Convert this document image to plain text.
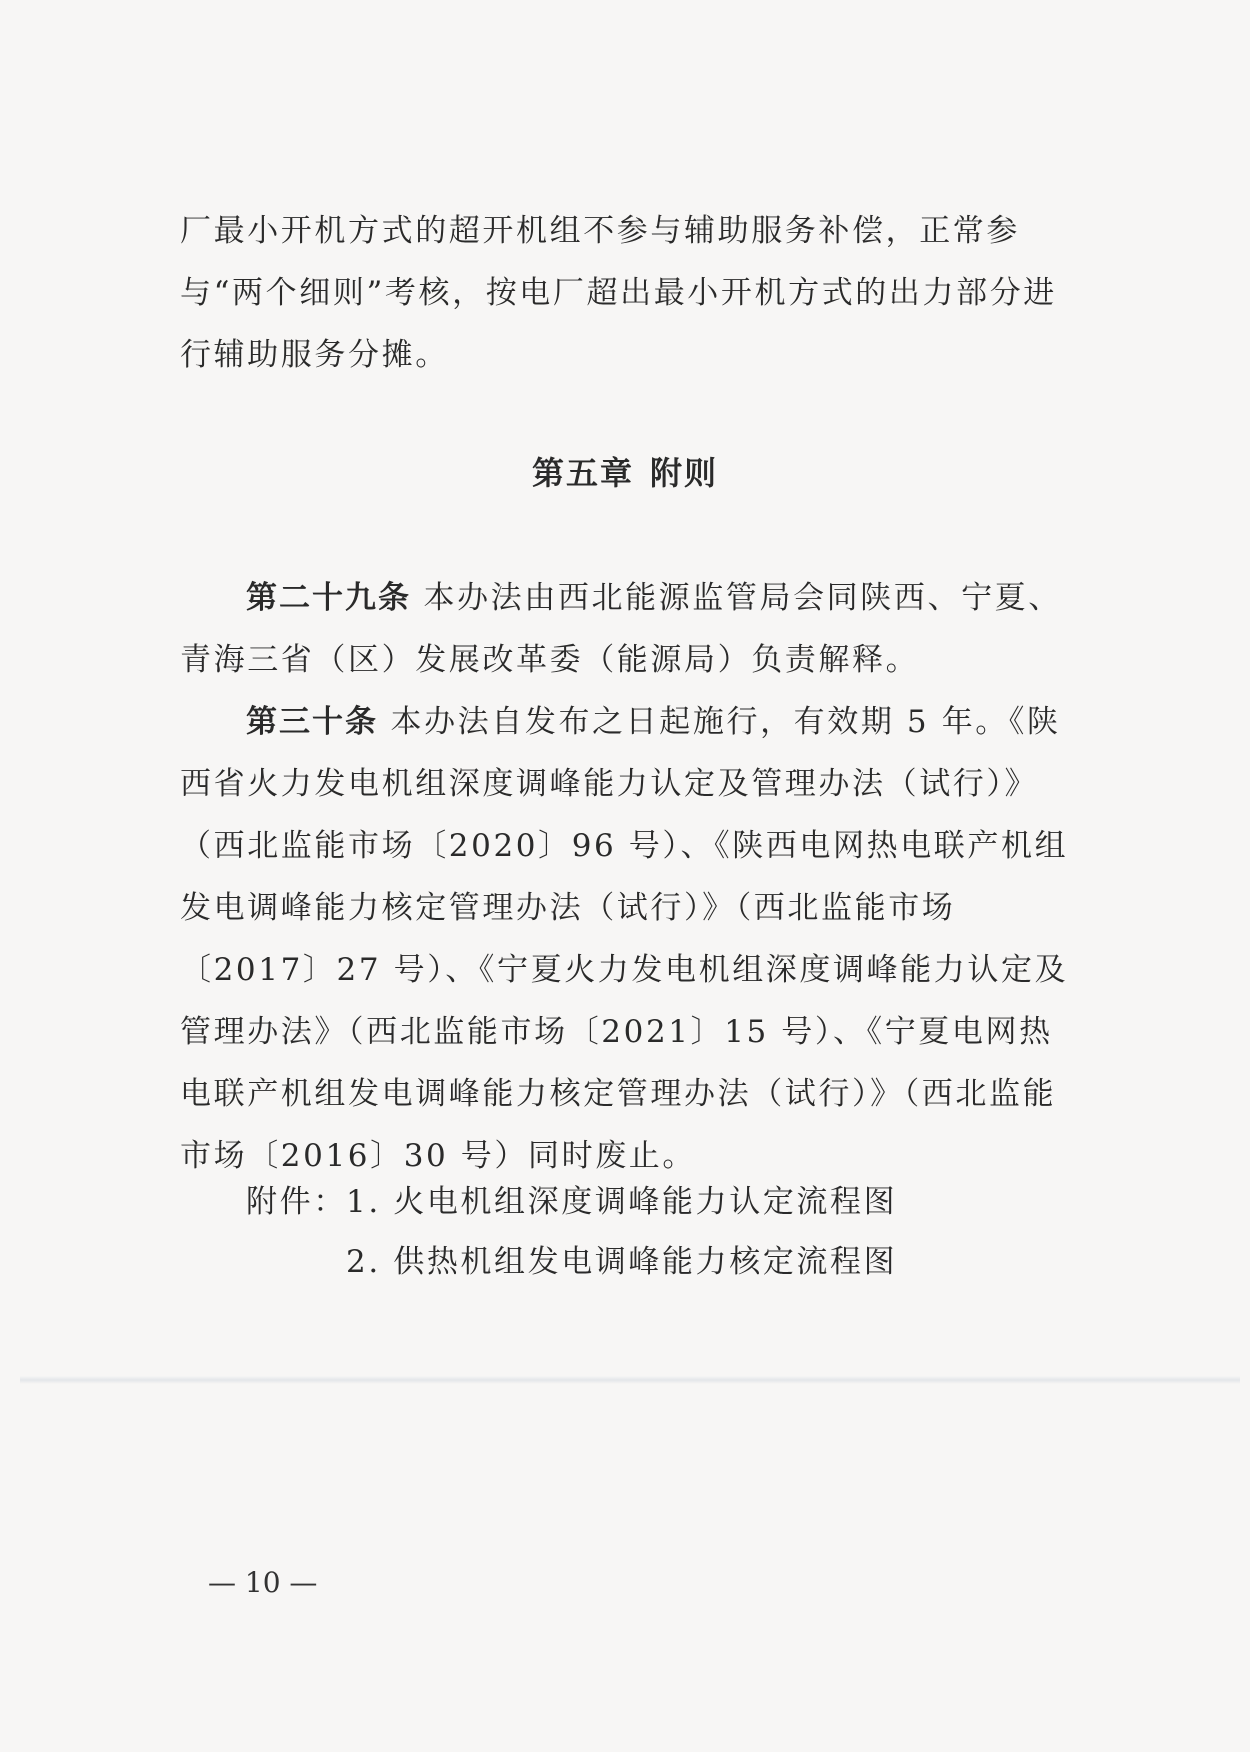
厂最小开机方式的超开机组不参与辅助服务补偿，正常参与“两个细则”考核，按电厂超出最小开机方式的出力部分进行辅助服务分摊。

第五章 附则

第二十九条 本办法由西北能源监管局会同陕西、宁夏、青海三省（区）发展改革委（能源局）负责解释。

第三十条 本办法自发布之日起施行，有效期 5 年。《陕西省火力发电机组深度调峰能力认定及管理办法（试行）》（西北监能市场〔2020〕96 号）、《陕西电网热电联产机组发电调峰能力核定管理办法（试行）》（西北监能市场〔2017〕27 号）、《宁夏火力发电机组深度调峰能力认定及管理办法》（西北监能市场〔2021〕15 号）、《宁夏电网热电联产机组发电调峰能力核定管理办法（试行）》（西北监能市场〔2016〕30 号）同时废止。

附件： 1. 火电机组深度调峰能力认定流程图

2. 供热机组发电调峰能力核定流程图

— 10 —
